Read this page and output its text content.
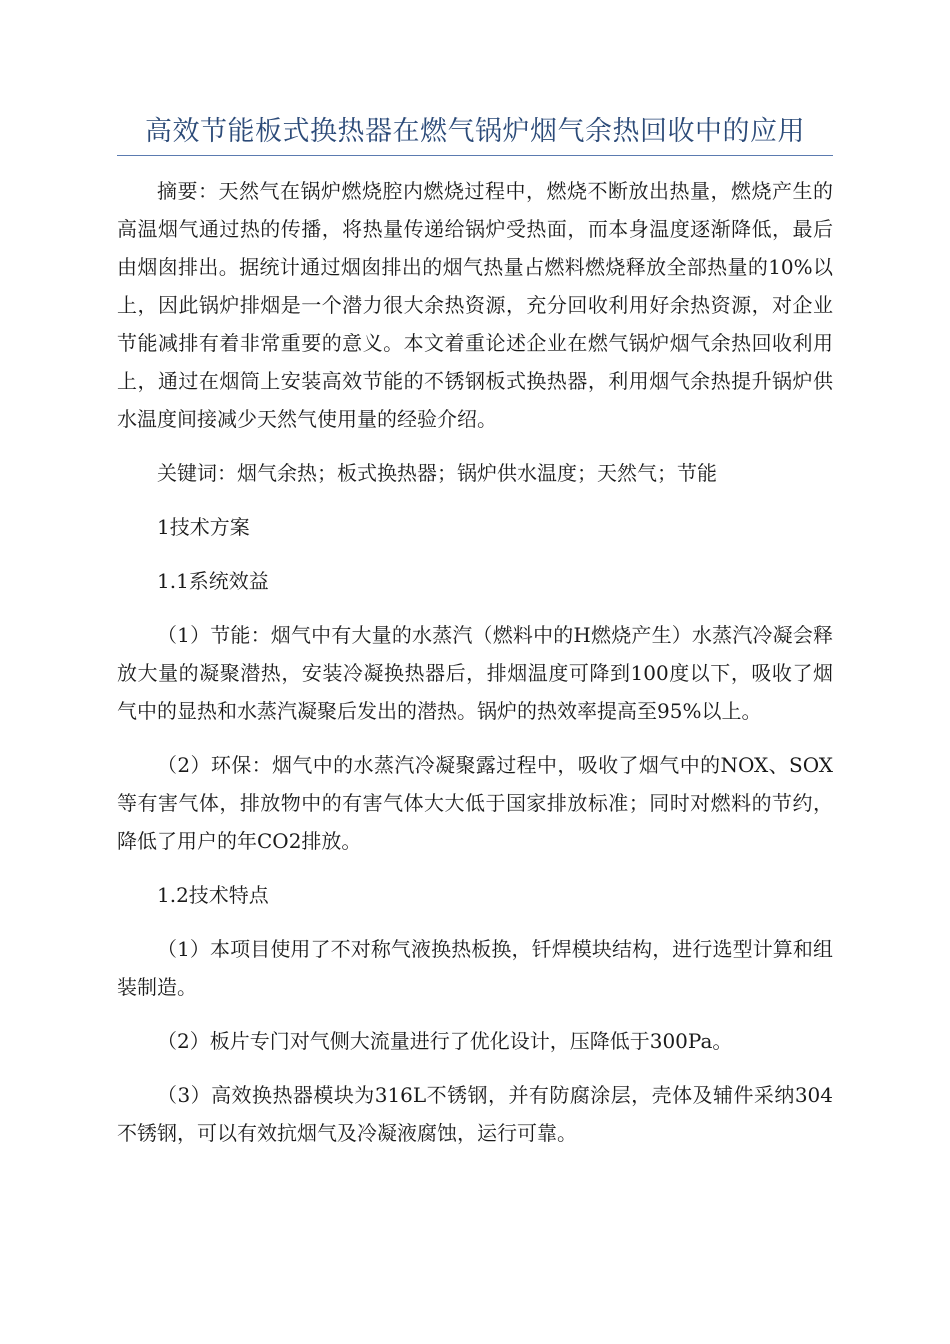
高效节能板式换热器在燃气锅炉烟气余热回收中的应用

摘要：天然气在锅炉燃烧腔内燃烧过程中，燃烧不断放出热量，燃烧产生的高温烟气通过热的传播，将热量传递给锅炉受热面，而本身温度逐渐降低，最后由烟囱排出。据统计通过烟囱排出的烟气热量占燃料燃烧释放全部热量的10%以上，因此锅炉排烟是一个潜力很大余热资源，充分回收利用好余热资源，对企业节能减排有着非常重要的意义。本文着重论述企业在燃气锅炉烟气余热回收利用上，通过在烟筒上安装高效节能的不锈钢板式换热器，利用烟气余热提升锅炉供水温度间接减少天然气使用量的经验介绍。

关键词：烟气余热；板式换热器；锅炉供水温度；天然气；节能

1技术方案

1.1系统效益

（1）节能：烟气中有大量的水蒸汽（燃料中的H燃烧产生）水蒸汽冷凝会释放大量的凝聚潜热，安装冷凝换热器后，排烟温度可降到100度以下，吸收了烟气中的显热和水蒸汽凝聚后发出的潜热。锅炉的热效率提高至95%以上。

（2）环保：烟气中的水蒸汽冷凝聚露过程中，吸收了烟气中的NOX、SOX等有害气体，排放物中的有害气体大大低于国家排放标准；同时对燃料的节约，降低了用户的年CO2排放。

1.2技术特点

（1）本项目使用了不对称气液换热板换，钎焊模块结构，进行选型计算和组装制造。

（2）板片专门对气侧大流量进行了优化设计，压降低于300Pa。

（3）高效换热器模块为316L不锈钢，并有防腐涂层，壳体及辅件采纳304不锈钢，可以有效抗烟气及冷凝液腐蚀，运行可靠。
